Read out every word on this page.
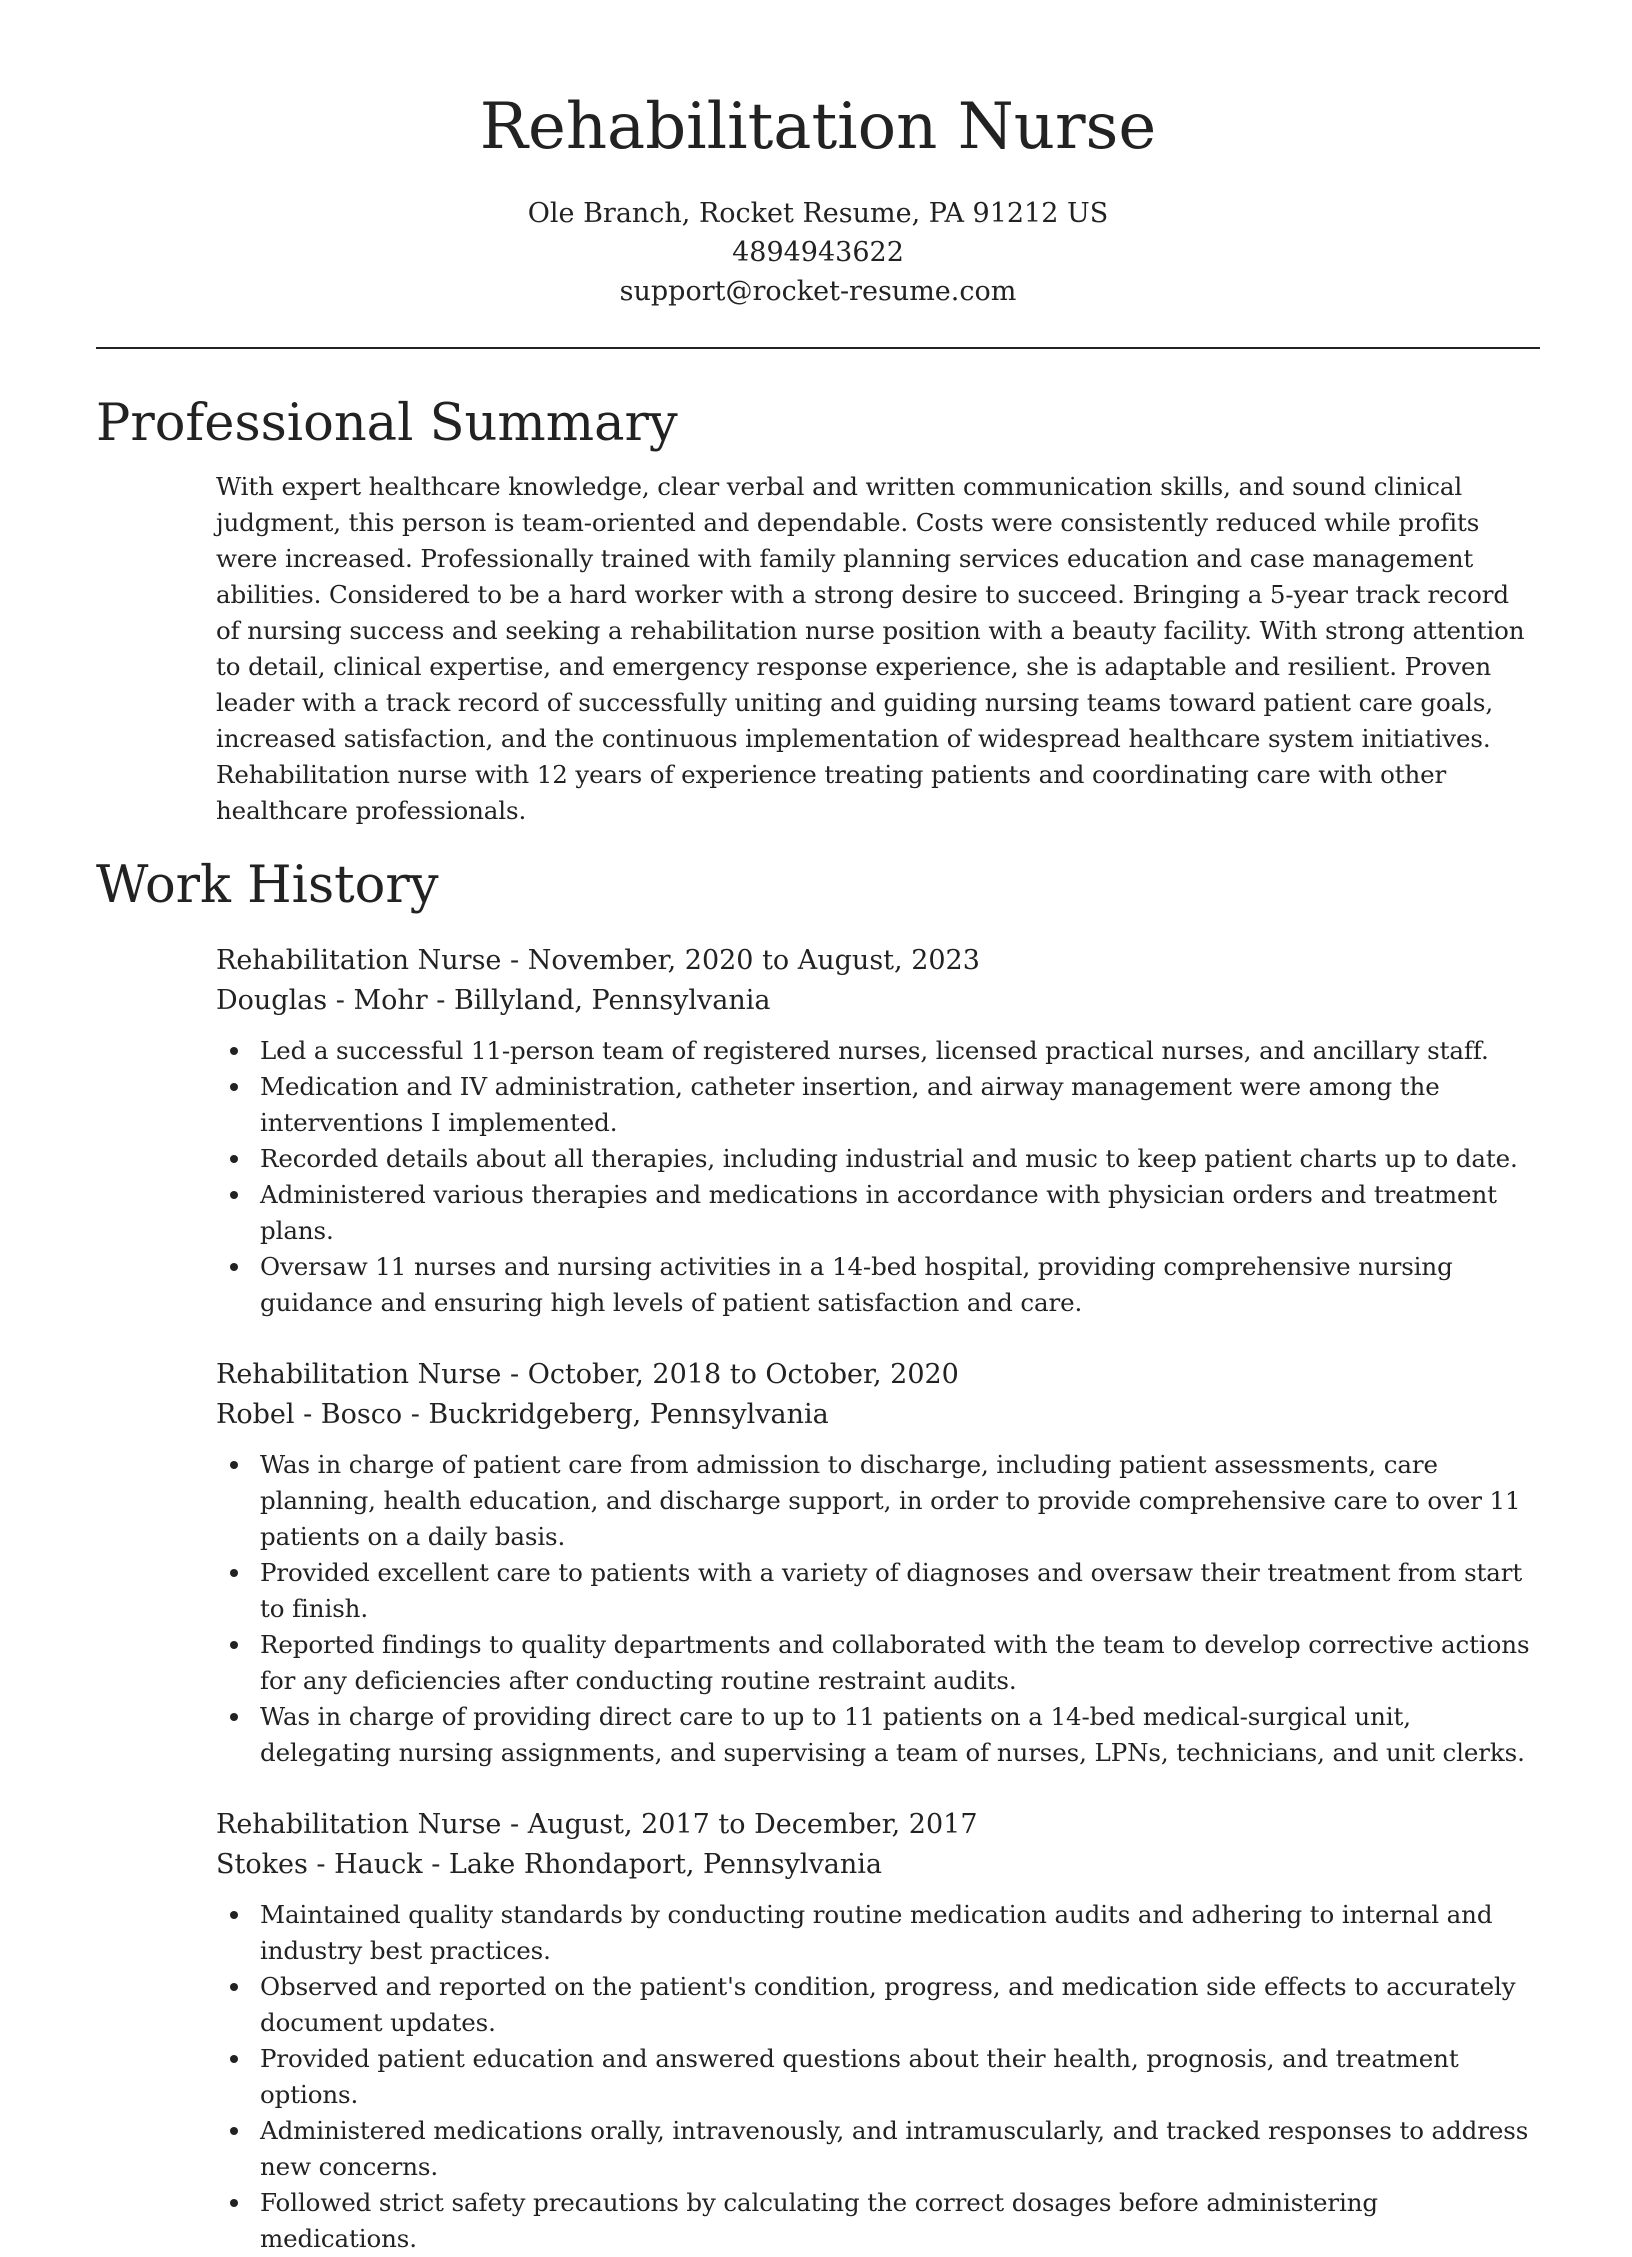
Rehabilitation Nurse

Ole Branch, Rocket Resume, PA 91212 US

4894943622

support@rocket-resume.com

Professional Summary

With expert healthcare knowledge, clear verbal and written communication skills, and sound clinical judgment, this person is team-oriented and dependable. Costs were consistently reduced while profits were increased. Professionally trained with family planning services education and case management abilities. Considered to be a hard worker with a strong desire to succeed. Bringing a 5-year track record of nursing success and seeking a rehabilitation nurse position with a beauty facility. With strong attention to detail, clinical expertise, and emergency response experience, she is adaptable and resilient. Proven leader with a track record of successfully uniting and guiding nursing teams toward patient care goals, increased satisfaction, and the continuous implementation of widespread healthcare system initiatives. Rehabilitation nurse with 12 years of experience treating patients and coordinating care with other healthcare professionals.

Work History

Rehabilitation Nurse - November, 2020 to August, 2023

Douglas - Mohr - Billyland, Pennsylvania

Led a successful 11-person team of registered nurses, licensed practical nurses, and ancillary staff.
Medication and IV administration, catheter insertion, and airway management were among the interventions I implemented.
Recorded details about all therapies, including industrial and music to keep patient charts up to date.
Administered various therapies and medications in accordance with physician orders and treatment plans.
Oversaw 11 nurses and nursing activities in a 14-bed hospital, providing comprehensive nursing guidance and ensuring high levels of patient satisfaction and care.

Rehabilitation Nurse - October, 2018 to October, 2020

Robel - Bosco - Buckridgeberg, Pennsylvania

Was in charge of patient care from admission to discharge, including patient assessments, care planning, health education, and discharge support, in order to provide comprehensive care to over 11 patients on a daily basis.
Provided excellent care to patients with a variety of diagnoses and oversaw their treatment from start to finish.
Reported findings to quality departments and collaborated with the team to develop corrective actions for any deficiencies after conducting routine restraint audits.
Was in charge of providing direct care to up to 11 patients on a 14-bed medical-surgical unit, delegating nursing assignments, and supervising a team of nurses, LPNs, technicians, and unit clerks.

Rehabilitation Nurse - August, 2017 to December, 2017

Stokes - Hauck - Lake Rhondaport, Pennsylvania

Maintained quality standards by conducting routine medication audits and adhering to internal and industry best practices.
Observed and reported on the patient's condition, progress, and medication side effects to accurately document updates.
Provided patient education and answered questions about their health, prognosis, and treatment options.
Administered medications orally, intravenously, and intramuscularly, and tracked responses to address new concerns.
Followed strict safety precautions by calculating the correct dosages before administering medications.
